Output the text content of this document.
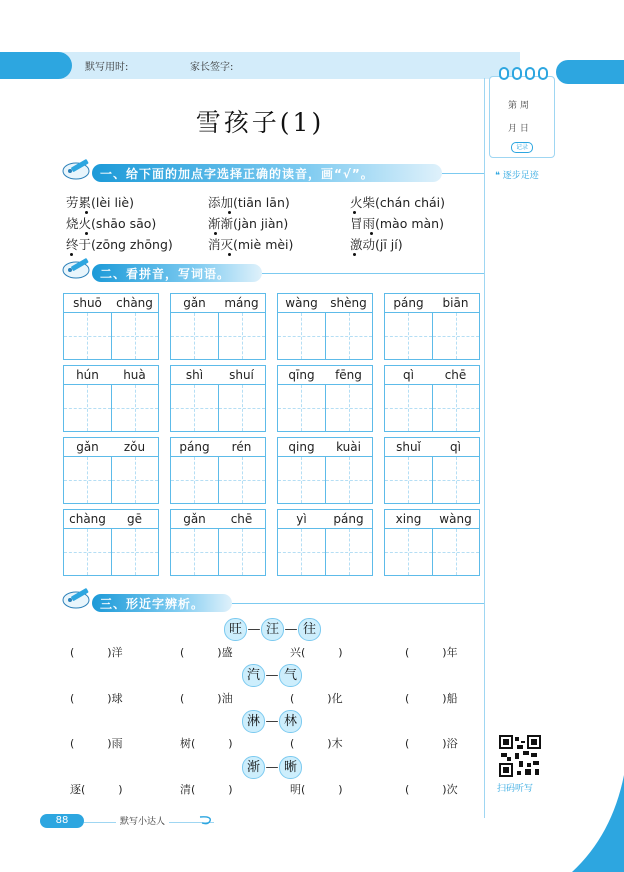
默写用时:	家长签字:
第 周
月 日
记录
❝ 逐步足迹
雪孩子(1)
一、给下面的加点字选择正确的读音，画“√”。
劳累(lèi liè)	添加(tiān lān)	火柴(chán chái)
烧火(shāo sāo)	渐渐(jàn jiàn)	冒雨(mào màn)
终于(zōng zhōng)	消灭(miè mèi)	激动(jī jí)
二、看拼音，写词语。
shuō	chàng	gǎn	máng	wàng	shèng	páng	biān
hún	huà	shì	shuí	qīng	fēng	qì	chē
gǎn	zǒu	páng	rén	qing	kuài	shuǐ	qì
chàng	gē	gǎn	chē	yì	páng	xing	wàng
三、形近字辨析。
旺 — 汪 — 往
(　　　)洋	(　　　)盛	兴(　　　)	(　　　)年
汽 — 气
(　　　)球	(　　　)油	(　　　)化	(　　　)船
淋 — 林
(　　　)雨	树(　　　)	(　　　)木	(　　　)浴
渐 — 晰
逐(　　　)	清(　　　)	明(　　　)	(　　　)次	扫码听写
88	默写小达人
